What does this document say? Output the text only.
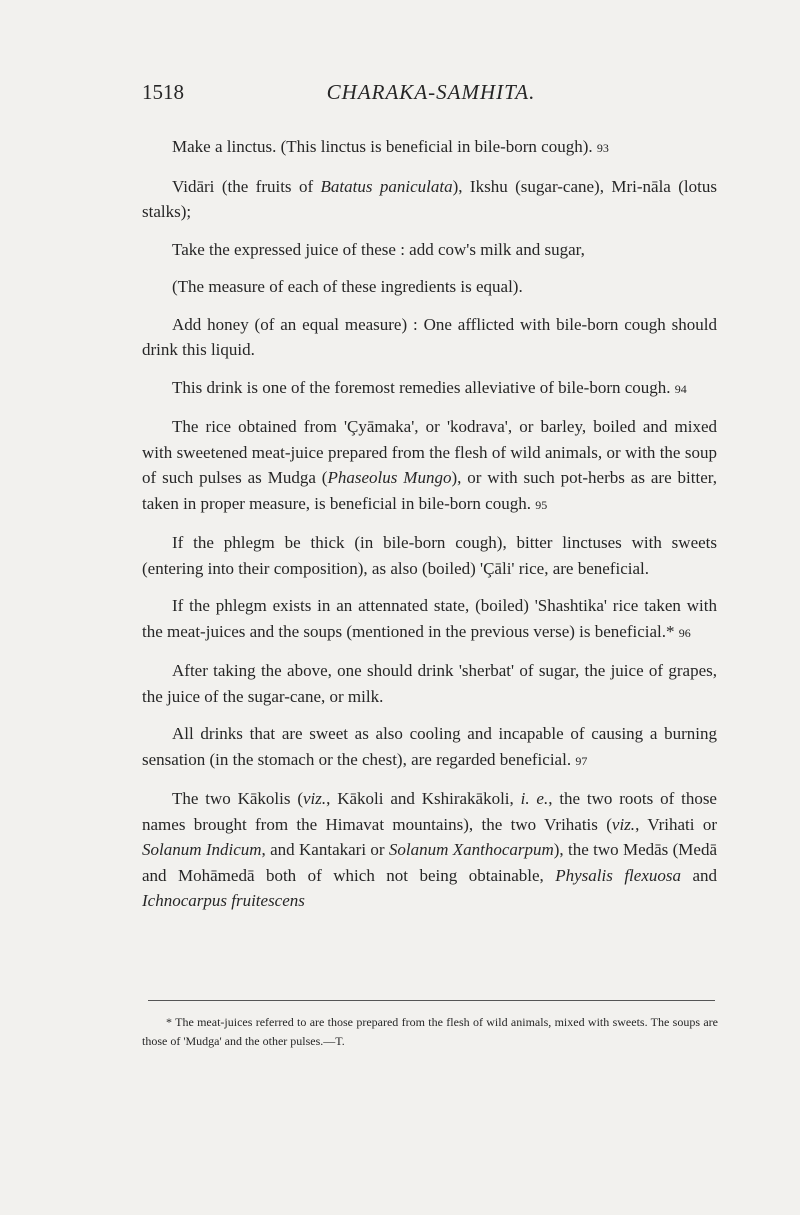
1518	CHARAKA-SAMHITA.

Make a linctus. (This linctus is beneficial in bile-born cough). 93

Vidāri (the fruits of Batatus paniculata), Ikshu (sugar-cane), Mri-nāla (lotus stalks);

Take the expressed juice of these : add cow's milk and sugar,

(The measure of each of these ingredients is equal).

Add honey (of an equal measure) : One afflicted with bile-born cough should drink this liquid.

This drink is one of the foremost remedies alleviative of bile-born cough. 94

The rice obtained from 'Çyāmaka', or 'kodrava', or barley, boiled and mixed with sweetened meat-juice prepared from the flesh of wild animals, or with the soup of such pulses as Mudga (Phaseolus Mungo), or with such pot-herbs as are bitter, taken in proper measure, is beneficial in bile-born cough. 95

If the phlegm be thick (in bile-born cough), bitter linctuses with sweets (entering into their composition), as also (boiled) 'Çāli' rice, are beneficial.

If the phlegm exists in an attennated state, (boiled) 'Shashtika' rice taken with the meat-juices and the soups (mentioned in the previous verse) is beneficial.* 96

After taking the above, one should drink 'sherbat' of sugar, the juice of grapes, the juice of the sugar-cane, or milk.

All drinks that are sweet as also cooling and incapable of causing a burning sensation (in the stomach or the chest), are regarded beneficial. 97

The two Kākolis (viz., Kākoli and Kshirakākoli, i. e., the two roots of those names brought from the Himavat mountains), the two Vrihatis (viz., Vrihati or Solanum Indicum, and Kantakari or Solanum Xanthocarpum), the two Medās (Medā and Mohāmedā both of which not being obtainable, Physalis flexuosa and Ichnocarpus fruitescens

* The meat-juices referred to are those prepared from the flesh of wild animals, mixed with sweets. The soups are those of 'Mudga' and the other pulses.—T.
